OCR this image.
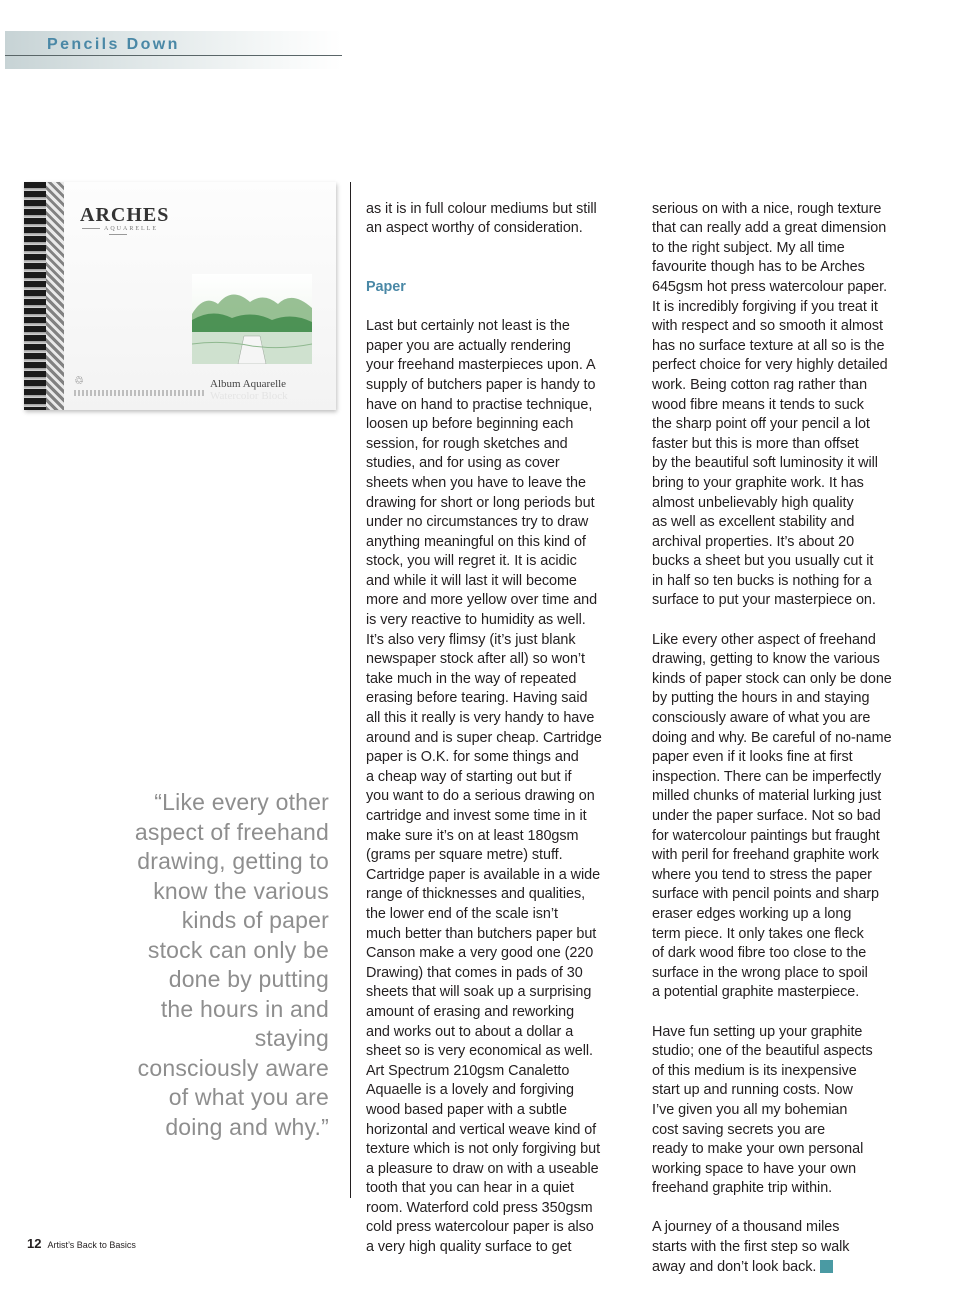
Pencils Down
ARCHES
AQUARELLE
♲	Album Aquarelle
Watercolor Block
“Like every other aspect of freehand drawing, getting to know the various kinds of paper stock can only be done by putting the hours in and staying consciously aware of what you are doing and why.”

as it is in full colour mediums but still
an aspect worthy of consideration.

Paper

Last but certainly not least is the
paper you are actually rendering
your freehand masterpieces upon. A
supply of butchers paper is handy to
have on hand to practise technique,
loosen up before beginning each
session, for rough sketches and
studies, and for using as cover
sheets when you have to leave the
drawing for short or long periods but
under no circumstances try to draw
anything meaningful on this kind of
stock, you will regret it. It is acidic
and while it will last it will become
more and more yellow over time and
is very reactive to humidity as well.
It’s also very flimsy (it’s just blank
newspaper stock after all) so won’t
take much in the way of repeated
erasing before tearing. Having said
all this it really is very handy to have
around and is super cheap. Cartridge
paper is O.K. for some things and
a cheap way of starting out but if
you want to do a serious drawing on
cartridge and invest some time in it
make sure it’s on at least 180gsm
(grams per square metre) stuff.
Cartridge paper is available in a wide
range of thicknesses and qualities,
the lower end of the scale isn’t
much better than butchers paper but
Canson make a very good one (220
Drawing) that comes in pads of 30
sheets that will soak up a surprising
amount of erasing and reworking
and works out to about a dollar a
sheet so is very economical as well.
Art Spectrum 210gsm Canaletto
Aquaelle is a lovely and forgiving
wood based paper with a subtle
horizontal and vertical weave kind of
texture which is not only forgiving but
a pleasure to draw on with a useable
tooth that you can hear in a quiet
room. Waterford cold press 350gsm
cold press watercolour paper is also
a very high quality surface to get

serious on with a nice, rough texture
that can really add a great dimension
to the right subject. My all time
favourite though has to be Arches
645gsm hot press watercolour paper.
It is incredibly forgiving if you treat it
with respect and so smooth it almost
has no surface texture at all so is the
perfect choice for very highly detailed
work. Being cotton rag rather than
wood fibre means it tends to suck
the sharp point off your pencil a lot
faster but this is more than offset
by the beautiful soft luminosity it will
bring to your graphite work. It has
almost unbelievably high quality
as well as excellent stability and
archival properties. It’s about 20
bucks a sheet but you usually cut it
in half so ten bucks is nothing for a
surface to put your masterpiece on.

Like every other aspect of freehand
drawing, getting to know the various
kinds of paper stock can only be done
by putting the hours in and staying
consciously aware of what you are
doing and why. Be careful of no-name
paper even if it looks fine at first
inspection. There can be imperfectly
milled chunks of material lurking just
under the paper surface. Not so bad
for watercolour paintings but fraught
with peril for freehand graphite work
where you tend to stress the paper
surface with pencil points and sharp
eraser edges working up a long
term piece. It only takes one fleck
of dark wood fibre too close to the
surface in the wrong place to spoil
a potential graphite masterpiece.

Have fun setting up your graphite
studio; one of the beautiful aspects
of this medium is its inexpensive
start up and running costs. Now
I’ve given you all my bohemian
cost saving secrets you are
ready to make your own personal
working space to have your own
freehand graphite trip within.

A journey of a thousand miles
starts with the first step so walk
away and don’t look back.

12 Artist’s Back to Basics
